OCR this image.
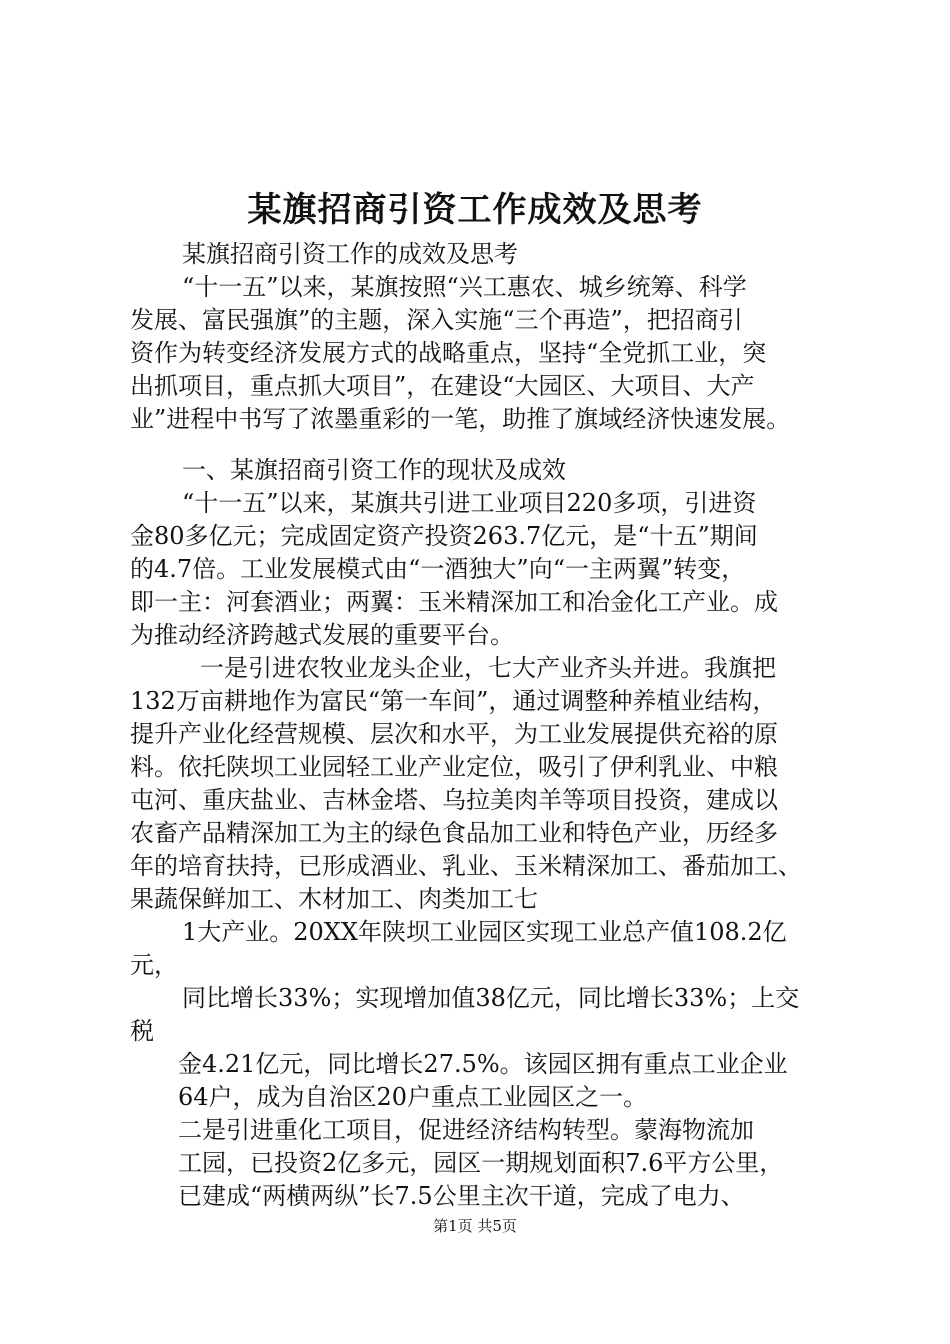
某旗招商引资工作成效及思考
某旗招商引资工作的成效及思考
“十一五”以来，某旗按照“兴工惠农、城乡统筹、科学
发展、富民强旗”的主题，深入实施“三个再造”，把招商引
资作为转变经济发展方式的战略重点，坚持“全党抓工业，突
出抓项目，重点抓大项目”，在建设“大园区、大项目、大产
业”进程中书写了浓墨重彩的一笔，助推了旗域经济快速发展。
一、某旗招商引资工作的现状及成效
“十一五”以来，某旗共引进工业项目220多项，引进资
金80多亿元；完成固定资产投资263.7亿元，是“十五”期间
的4.7倍。工业发展模式由“一酒独大”向“一主两翼”转变，
即一主：河套酒业；两翼：玉米精深加工和冶金化工产业。成
为推动经济跨越式发展的重要平台。
一是引进农牧业龙头企业，七大产业齐头并进。我旗把
132万亩耕地作为富民“第一车间”，通过调整种养植业结构，
提升产业化经营规模、层次和水平，为工业发展提供充裕的原
料。依托陕坝工业园轻工业产业定位，吸引了伊利乳业、中粮
屯河、重庆盐业、吉林金塔、乌拉美肉羊等项目投资，建成以
农畜产品精深加工为主的绿色食品加工业和特色产业，历经多
年的培育扶持，已形成酒业、乳业、玉米精深加工、番茄加工、
果蔬保鲜加工、木材加工、肉类加工七
1大产业。20XX年陕坝工业园区实现工业总产值108.2亿
元，
同比增长33%；实现增加值38亿元，同比增长33%；上交
税
金4.21亿元，同比增长27.5%。该园区拥有重点工业企业
64户，成为自治区20户重点工业园区之一。
二是引进重化工项目，促进经济结构转型。蒙海物流加
工园，已投资2亿多元，园区一期规划面积7.6平方公里，
已建成“两横两纵”长7.5公里主次干道，完成了电力、
第1页 共5页
